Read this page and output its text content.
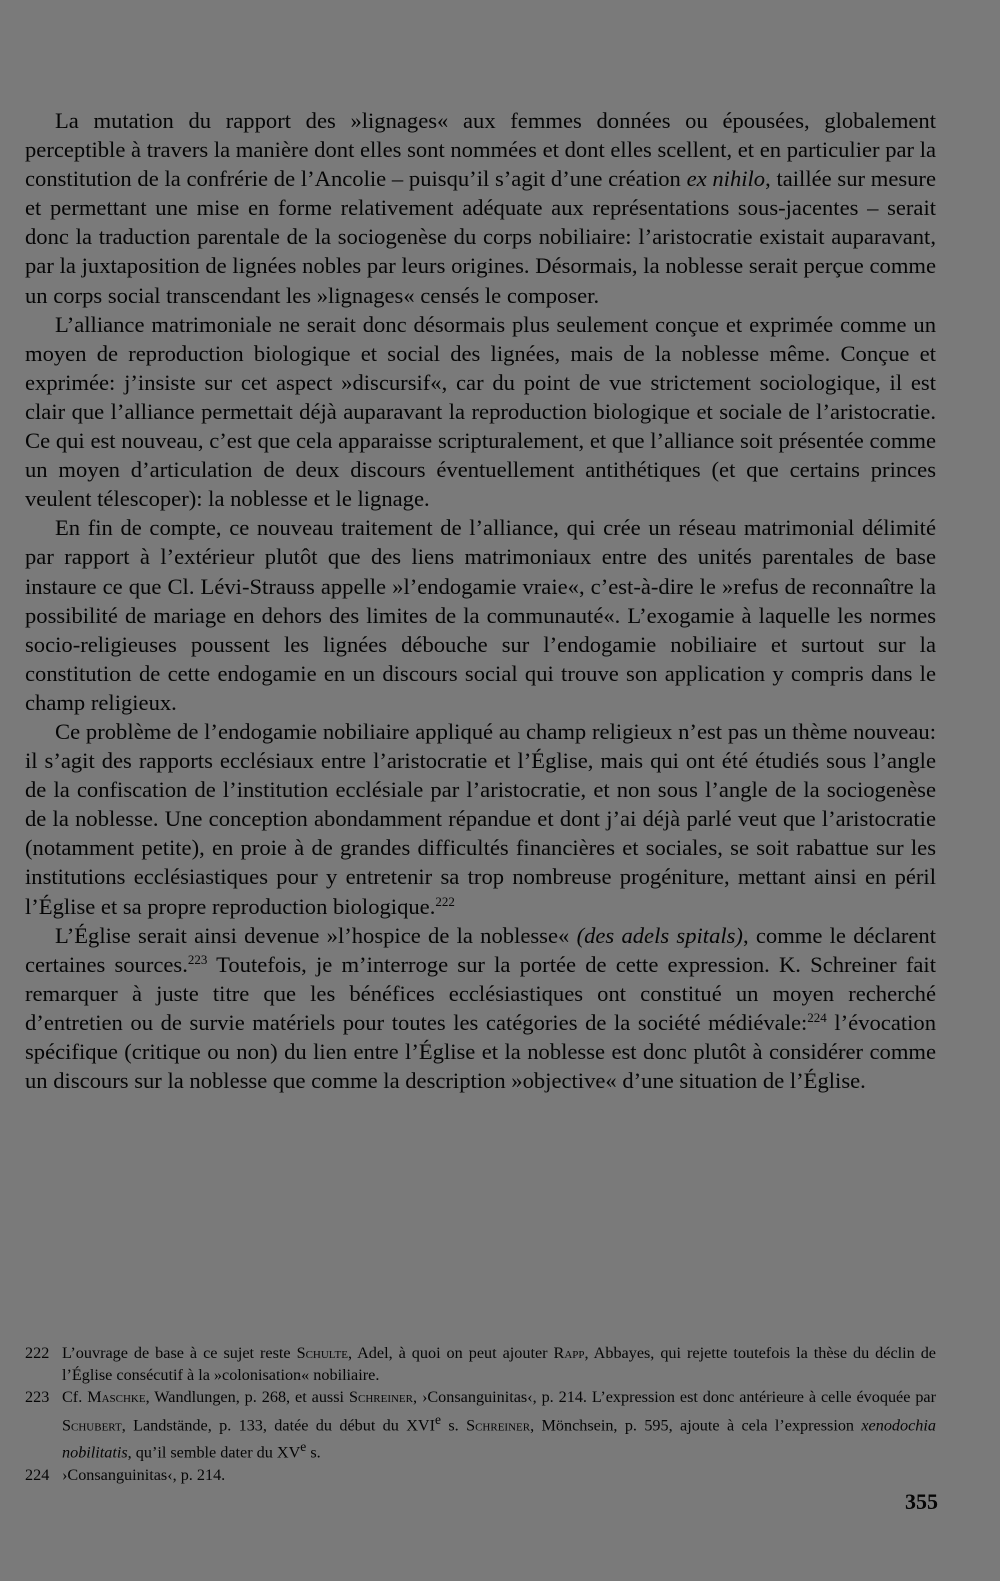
La mutation du rapport des »lignages« aux femmes données ou épousées, globalement perceptible à travers la manière dont elles sont nommées et dont elles scellent, et en particulier par la constitution de la confrérie de l’Ancolie – puisqu’il s’agit d’une création ex nihilo, taillée sur mesure et permettant une mise en forme relativement adéquate aux représentations sous-jacentes – serait donc la traduction parentale de la sociogenèse du corps nobiliaire: l’aristocratie existait auparavant, par la juxtaposition de lignées nobles par leurs origines. Désormais, la noblesse serait perçue comme un corps social transcendant les »lignages« censés le composer.

L’alliance matrimoniale ne serait donc désormais plus seulement conçue et exprimée comme un moyen de reproduction biologique et social des lignées, mais de la noblesse même. Conçue et exprimée: j’insiste sur cet aspect »discursif«, car du point de vue strictement sociologique, il est clair que l’alliance permettait déjà auparavant la reproduction biologique et sociale de l’aristocratie. Ce qui est nouveau, c’est que cela apparaisse scripturalement, et que l’alliance soit présentée comme un moyen d’articulation de deux discours éventuellement antithétiques (et que certains princes veulent télescoper): la noblesse et le lignage.

En fin de compte, ce nouveau traitement de l’alliance, qui crée un réseau matrimonial délimité par rapport à l’extérieur plutôt que des liens matrimoniaux entre des unités parentales de base instaure ce que Cl. Lévi-Strauss appelle »l’endogamie vraie«, c’est-à-dire le »refus de reconnaître la possibilité de mariage en dehors des limites de la communauté«. L’exogamie à laquelle les normes socio-religieuses poussent les lignées débouche sur l’endogamie nobiliaire et surtout sur la constitution de cette endogamie en un discours social qui trouve son application y compris dans le champ religieux.

Ce problème de l’endogamie nobiliaire appliqué au champ religieux n’est pas un thème nouveau: il s’agit des rapports ecclésiaux entre l’aristocratie et l’Église, mais qui ont été étudiés sous l’angle de la confiscation de l’institution ecclésiale par l’aristocratie, et non sous l’angle de la sociogenèse de la noblesse. Une conception abondamment répandue et dont j’ai déjà parlé veut que l’aristocratie (notamment petite), en proie à de grandes difficultés financières et sociales, se soit rabattue sur les institutions ecclésiastiques pour y entretenir sa trop nombreuse progéniture, mettant ainsi en péril l’Église et sa propre reproduction biologique.$^{222}$

L’Église serait ainsi devenue »l’hospice de la noblesse« (des adels spitals), comme le déclarent certaines sources.$^{223}$ Toutefois, je m’interroge sur la portée de cette expression. K. Schreiner fait remarquer à juste titre que les bénéfices ecclésiastiques ont constitué un moyen recherché d’entretien ou de survie matériels pour toutes les catégories de la société médiévale:$^{224}$ l’évocation spécifique (critique ou non) du lien entre l’Église et la noblesse est donc plutôt à considérer comme un discours sur la noblesse que comme la description »objective« d’une situation de l’Église.

222 L’ouvrage de base à ce sujet reste Schulte, Adel, à quoi on peut ajouter Rapp, Abbayes, qui rejette toutefois la thèse du déclin de l’Église consécutif à la »colonisation« nobiliaire.

223 Cf. Maschke, Wandlungen, p. 268, et aussi Schreiner, ›Consanguinitas‹, p. 214. L’expression est donc antérieure à celle évoquée par Schubert, Landstände, p. 133, datée du début du XVIe s. Schreiner, Mönchsein, p. 595, ajoute à cela l’expression xenodochia nobilitatis, qu’il semble dater du XVe s.

224 ›Consanguinitas‹, p. 214.

355
